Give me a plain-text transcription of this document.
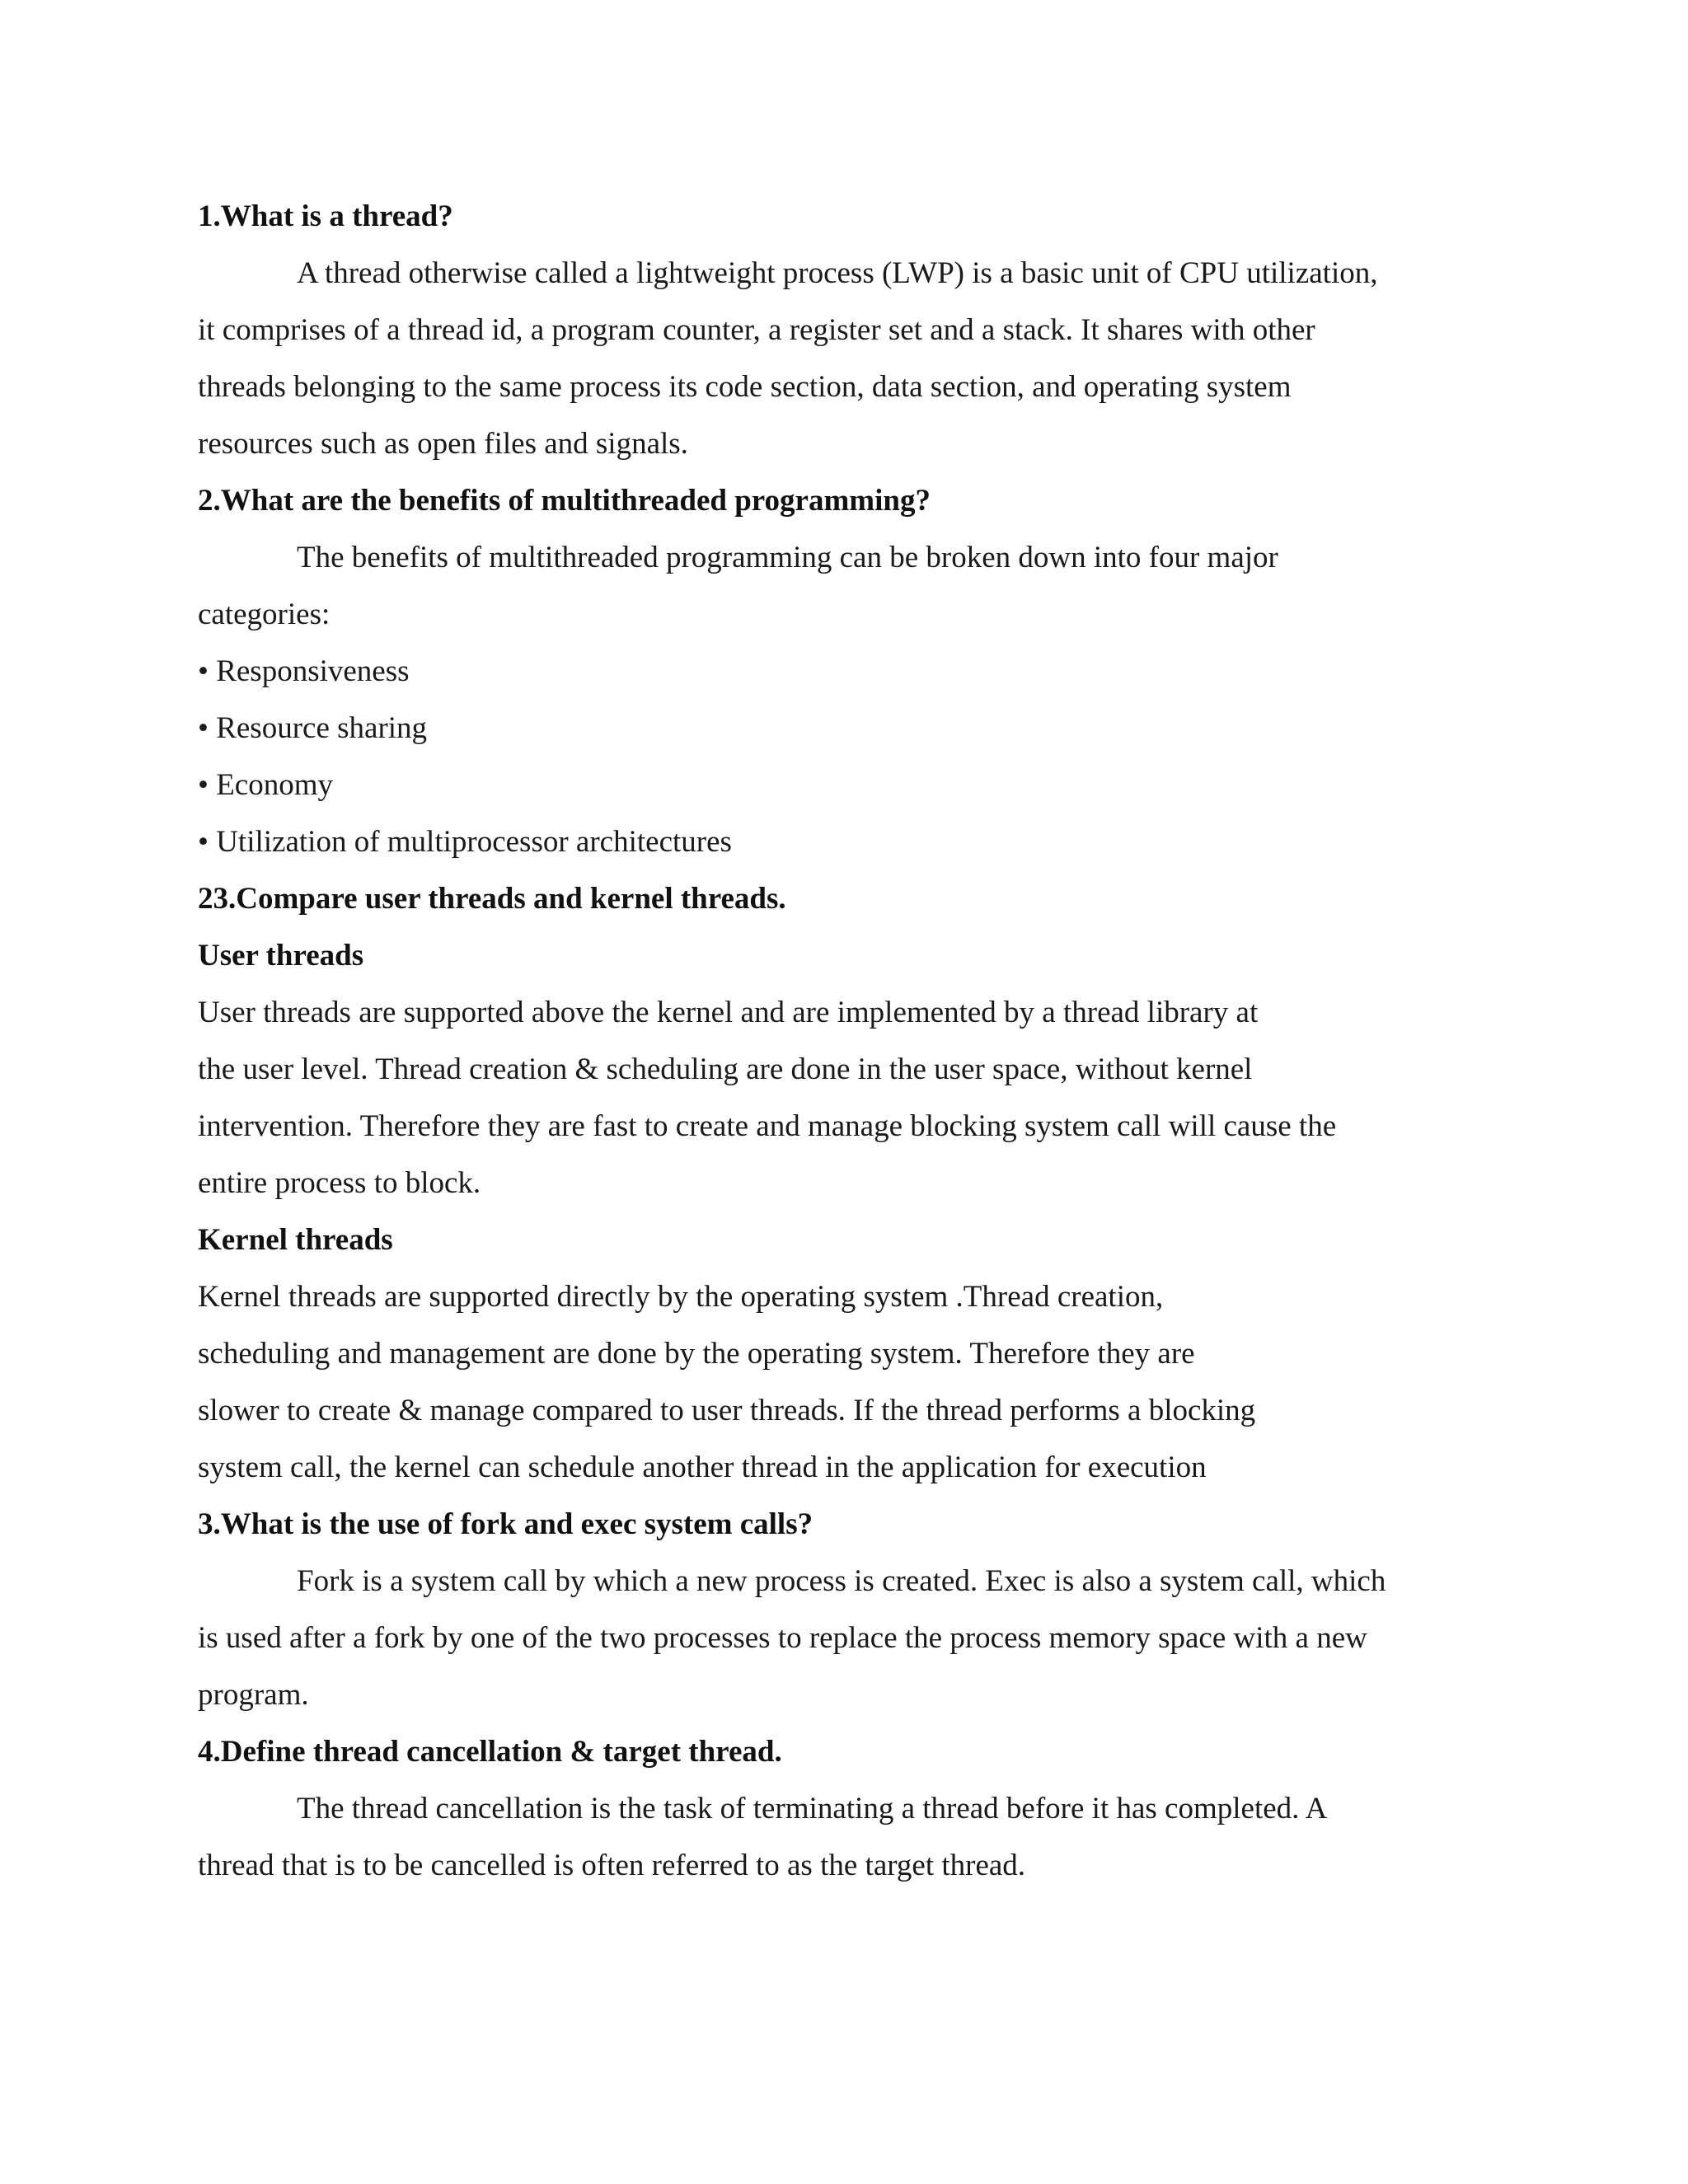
1.What is a thread?
A thread otherwise called a lightweight process (LWP) is a basic unit of CPU utilization,
it comprises of a thread id, a program counter, a register set and a stack. It shares with other
threads belonging to the same process its code section, data section, and operating system
resources such as open files and signals.
2.What are the benefits of multithreaded programming?
The benefits of multithreaded programming can be broken down into four major
categories:
• Responsiveness
• Resource sharing
• Economy
• Utilization of multiprocessor architectures
23.Compare user threads and kernel threads.
User threads
User threads are supported above the kernel and are implemented by a thread library at
the user level. Thread creation & scheduling are done in the user space, without kernel
intervention. Therefore they are fast to create and manage blocking system call will cause the
entire process to block.
Kernel threads
Kernel threads are supported directly by the operating system .Thread creation,
scheduling and management are done by the operating system. Therefore they are
slower to create & manage compared to user threads. If the thread performs a blocking
system call, the kernel can schedule another thread in the application for execution
3.What is the use of fork and exec system calls?
Fork is a system call by which a new process is created. Exec is also a system call, which
is used after a fork by one of the two processes to replace the process memory space with a new
program.
4.Define thread cancellation & target thread.
The thread cancellation is the task of terminating a thread before it has completed. A
thread that is to be cancelled is often referred to as the target thread.
